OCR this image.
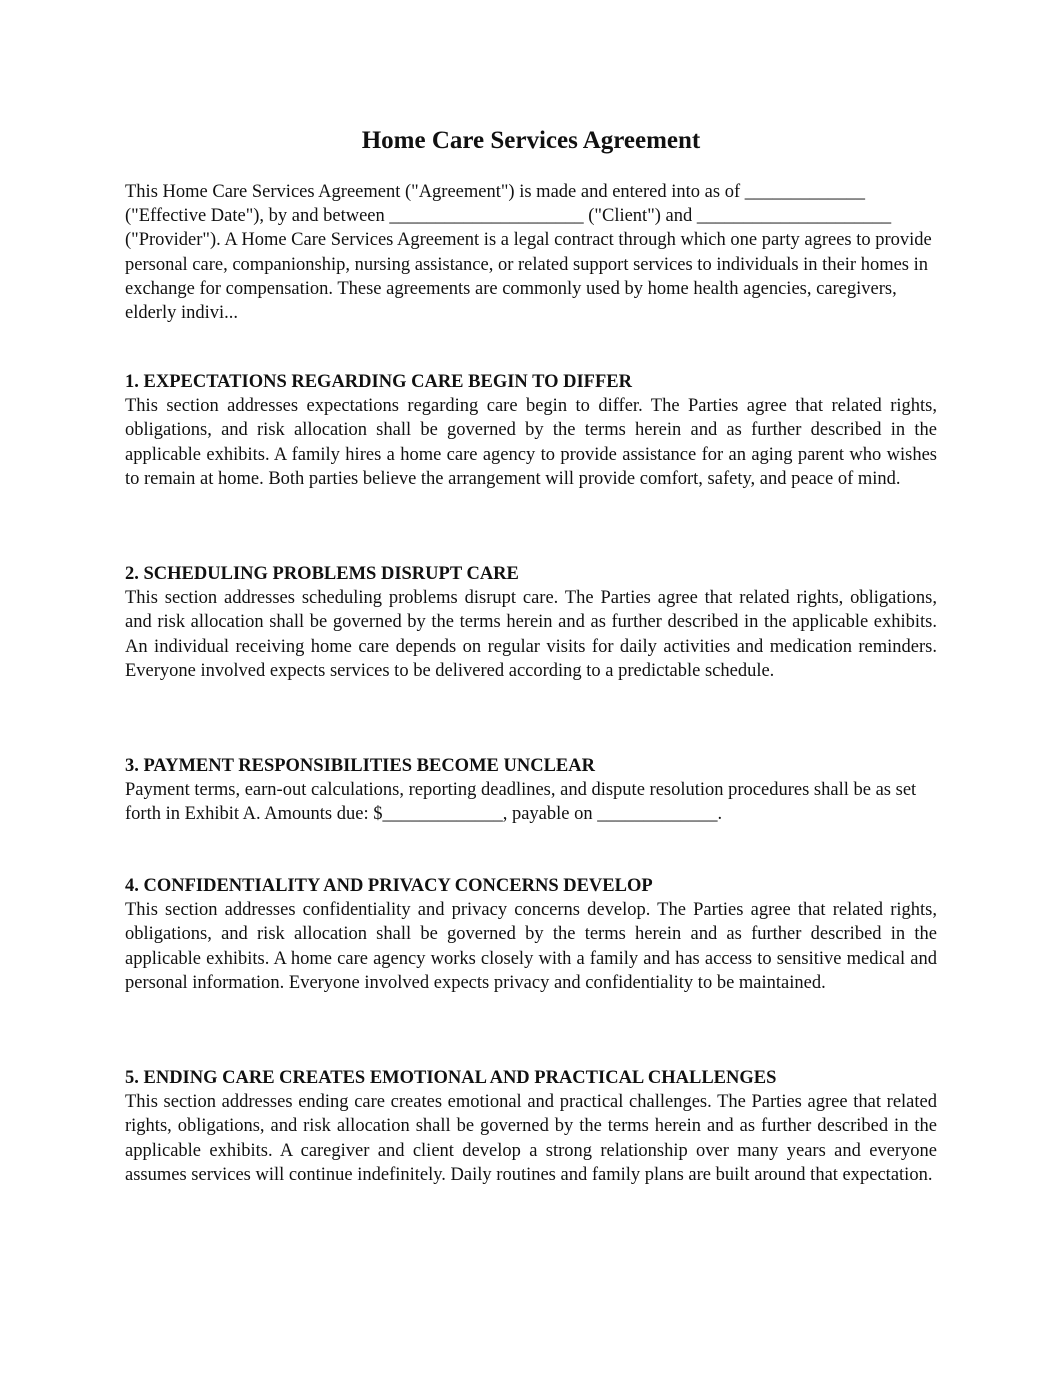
Home Care Services Agreement

This Home Care Services Agreement ("Agreement") is made and entered into as of _____________ ("Effective Date"), by and between _____________________ ("Client") and _____________________ ("Provider"). A Home Care Services Agreement is a legal contract through which one party agrees to provide personal care, companionship, nursing assistance, or related support services to individuals in their homes in exchange for compensation. These agreements are commonly used by home health agencies, caregivers, elderly indivi...

1. EXPECTATIONS REGARDING CARE BEGIN TO DIFFER

This section addresses expectations regarding care begin to differ. The Parties agree that related rights, obligations, and risk allocation shall be governed by the terms herein and as further described in the applicable exhibits. A family hires a home care agency to provide assistance for an aging parent who wishes to remain at home. Both parties believe the arrangement will provide comfort, safety, and peace of mind.

2. SCHEDULING PROBLEMS DISRUPT CARE

This section addresses scheduling problems disrupt care. The Parties agree that related rights, obligations, and risk allocation shall be governed by the terms herein and as further described in the applicable exhibits. An individual receiving home care depends on regular visits for daily activities and medication reminders. Everyone involved expects services to be delivered according to a predictable schedule.

3. PAYMENT RESPONSIBILITIES BECOME UNCLEAR

Payment terms, earn-out calculations, reporting deadlines, and dispute resolution procedures shall be as set forth in Exhibit A. Amounts due: $_____________, payable on _____________.

4. CONFIDENTIALITY AND PRIVACY CONCERNS DEVELOP

This section addresses confidentiality and privacy concerns develop. The Parties agree that related rights, obligations, and risk allocation shall be governed by the terms herein and as further described in the applicable exhibits. A home care agency works closely with a family and has access to sensitive medical and personal information. Everyone involved expects privacy and confidentiality to be maintained.

5. ENDING CARE CREATES EMOTIONAL AND PRACTICAL CHALLENGES

This section addresses ending care creates emotional and practical challenges. The Parties agree that related rights, obligations, and risk allocation shall be governed by the terms herein and as further described in the applicable exhibits. A caregiver and client develop a strong relationship over many years and everyone assumes services will continue indefinitely. Daily routines and family plans are built around that expectation.
